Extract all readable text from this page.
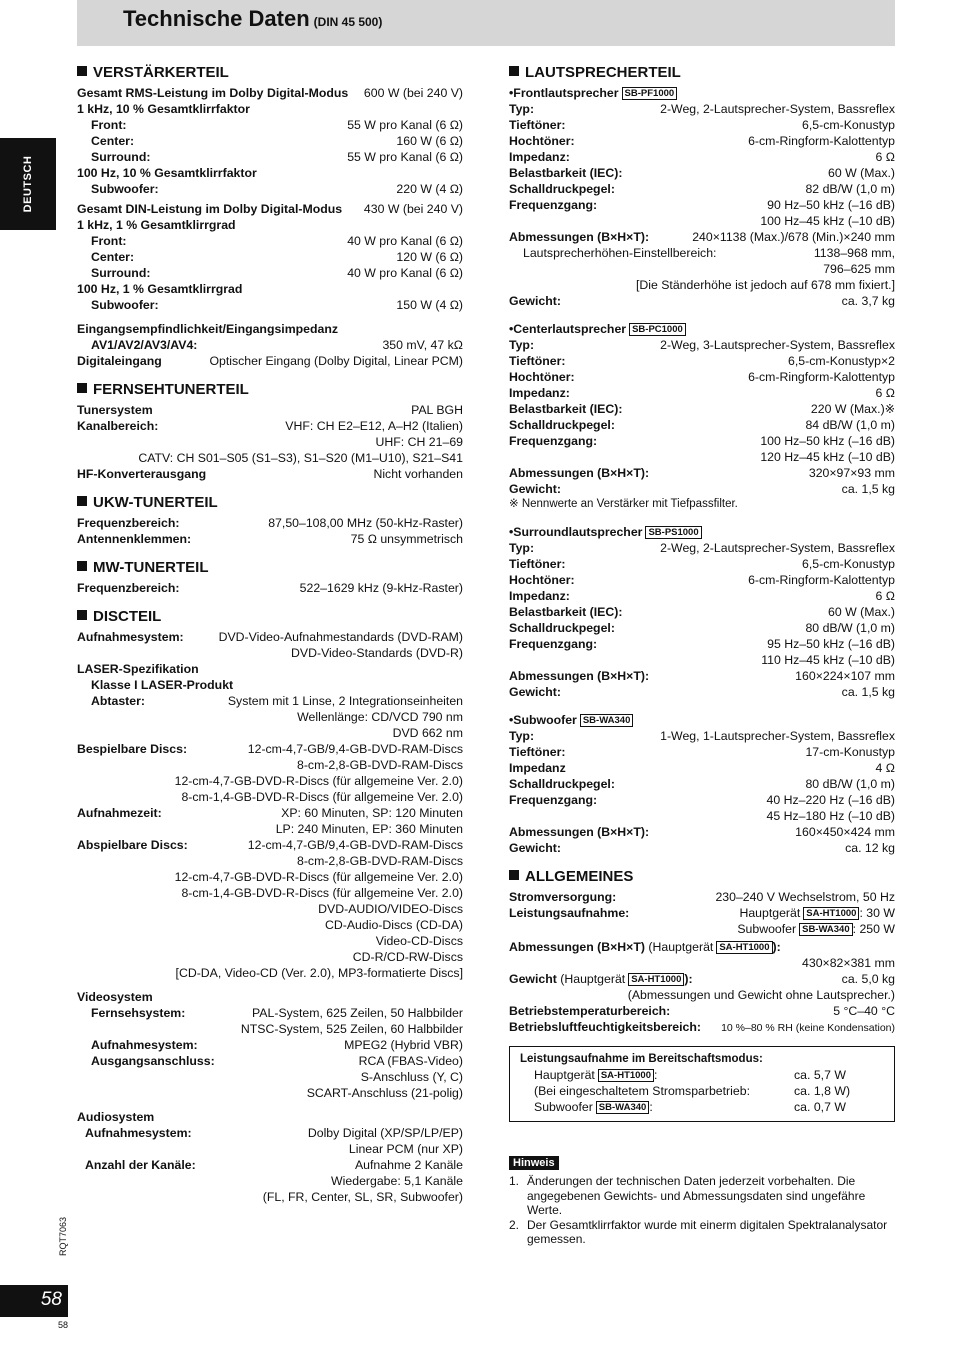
Technische Daten (DIN 45 500)
DEUTSCH
RQT7063
58
58
VERSTÄRKERTEIL
Gesamt RMS-Leistung im Dolby Digital-Modus 600 W (bei 240 V)
1 kHz, 10 % Gesamtklirrfaktor
Front:	55 W pro Kanal (6 Ω)
Center:	160 W (6 Ω)
Surround:	55 W pro Kanal (6 Ω)
100 Hz, 10 % Gesamtklirrfaktor
Subwoofer:	220 W (4 Ω)
Gesamt DIN-Leistung im Dolby Digital-Modus 430 W (bei 240 V)
1 kHz, 1 % Gesamtklirrgrad
Front:	40 W pro Kanal (6 Ω)
Center:	120 W (6 Ω)
Surround:	40 W pro Kanal (6 Ω)
100 Hz, 1 % Gesamtklirrgrad
Subwoofer:	150 W (4 Ω)
Eingangsempfindlichkeit/Eingangsimpedanz
AV1/AV2/AV3/AV4:	350 mV, 47 kΩ
Digitaleingang	Optischer Eingang (Dolby Digital, Linear PCM)
FERNSEHTUNERTEIL
Tunersystem	PAL BGH
Kanalbereich:	VHF: CH E2–E12, A–H2 (Italien)
UHF: CH 21–69
CATV: CH S01–S05 (S1–S3), S1–S20 (M1–U10), S21–S41
HF-Konverterausgang	Nicht vorhanden
UKW-TUNERTEIL
Frequenzbereich:	87,50–108,00 MHz (50-kHz-Raster)
Antennenklemmen:	75 Ω unsymmetrisch
MW-TUNERTEIL
Frequenzbereich:	522–1629 kHz (9-kHz-Raster)
DISCTEIL
Aufnahmesystem:	DVD-Video-Aufnahmestandards (DVD-RAM)
DVD-Video-Standards (DVD-R)
LASER-Spezifikation
Klasse I LASER-Produkt
Abtaster:	System mit 1 Linse, 2 Integrationseinheiten
Wellenlänge: CD/VCD 790 nm
DVD 662 nm
Bespielbare Discs:	12-cm-4,7-GB/9,4-GB-DVD-RAM-Discs
8-cm-2,8-GB-DVD-RAM-Discs
12-cm-4,7-GB-DVD-R-Discs (für allgemeine Ver. 2.0)
8-cm-1,4-GB-DVD-R-Discs (für allgemeine Ver. 2.0)
Aufnahmezeit:	XP: 60 Minuten, SP: 120 Minuten
LP: 240 Minuten, EP: 360 Minuten
Abspielbare Discs:	12-cm-4,7-GB/9,4-GB-DVD-RAM-Discs
8-cm-2,8-GB-DVD-RAM-Discs
12-cm-4,7-GB-DVD-R-Discs (für allgemeine Ver. 2.0)
8-cm-1,4-GB-DVD-R-Discs (für allgemeine Ver. 2.0)
DVD-AUDIO/VIDEO-Discs
CD-Audio-Discs (CD-DA)
Video-CD-Discs
CD-R/CD-RW-Discs
[CD-DA, Video-CD (Ver. 2.0), MP3-formatierte Discs]
Videosystem
Fernsehsystem:	PAL-System, 625 Zeilen, 50 Halbbilder
NTSC-System, 525 Zeilen, 60 Halbbilder
Aufnahmesystem:	MPEG2 (Hybrid VBR)
Ausgangsanschluss:	RCA (FBAS-Video)
S-Anschluss (Y, C)
SCART-Anschluss (21-polig)
Audiosystem
Aufnahmesystem:	Dolby Digital (XP/SP/LP/EP)
Linear PCM (nur XP)
Anzahl der Kanäle:	Aufnahme 2 Kanäle
Wiedergabe: 5,1 Kanäle
(FL, FR, Center, SL, SR, Subwoofer)
LAUTSPRECHERTEIL
•Frontlautsprecher SB-PF1000
Typ:	2-Weg, 2-Lautsprecher-System, Bassreflex
Tieftöner:	6,5-cm-Konustyp
Hochtöner:	6-cm-Ringform-Kalottentyp
Impedanz:	6 Ω
Belastbarkeit (IEC):	60 W (Max.)
Schalldruckpegel:	82 dB/W (1,0 m)
Frequenzgang:	90 Hz–50 kHz (–16 dB)
100 Hz–45 kHz (–10 dB)
Abmessungen (B×H×T):	240×1138 (Max.)/678 (Min.)×240 mm
Lautsprecherhöhen-Einstellbereich:	1138–968 mm,
796–625 mm
[Die Ständerhöhe ist jedoch auf 678 mm fixiert.]
Gewicht:	ca. 3,7 kg
•Centerlautsprecher SB-PC1000
Typ:	2-Weg, 3-Lautsprecher-System, Bassreflex
Tieftöner:	6,5-cm-Konustyp×2
Hochtöner:	6-cm-Ringform-Kalottentyp
Impedanz:	6 Ω
Belastbarkeit (IEC):	220 W (Max.)※
Schalldruckpegel:	84 dB/W (1,0 m)
Frequenzgang:	100 Hz–50 kHz (–16 dB)
120 Hz–45 kHz (–10 dB)
Abmessungen (B×H×T):	320×97×93 mm
Gewicht:	ca. 1,5 kg
※ Nennwerte an Verstärker mit Tiefpassfilter.
•Surroundlautsprecher SB-PS1000
Typ:	2-Weg, 2-Lautsprecher-System, Bassreflex
Tieftöner:	6,5-cm-Konustyp
Hochtöner:	6-cm-Ringform-Kalottentyp
Impedanz:	6 Ω
Belastbarkeit (IEC):	60 W (Max.)
Schalldruckpegel:	80 dB/W (1,0 m)
Frequenzgang:	95 Hz–50 kHz (–16 dB)
110 Hz–45 kHz (–10 dB)
Abmessungen (B×H×T):	160×224×107 mm
Gewicht:	ca. 1,5 kg
•Subwoofer SB-WA340
Typ:	1-Weg, 1-Lautsprecher-System, Bassreflex
Tieftöner:	17-cm-Konustyp
Impedanz	4 Ω
Schalldruckpegel:	80 dB/W (1,0 m)
Frequenzgang:	40 Hz–220 Hz (–16 dB)
45 Hz–180 Hz (–10 dB)
Abmessungen (B×H×T):	160×450×424 mm
Gewicht:	ca. 12 kg
ALLGEMEINES
Stromversorgung:	230–240 V Wechselstrom, 50 Hz
Leistungsaufnahme:	Hauptgerät SA-HT1000 : 30 W
Subwoofer SB-WA340 : 250 W
Abmessungen (B×H×T) (Hauptgerät SA-HT1000 ):
430×82×381 mm
Gewicht (Hauptgerät SA-HT1000 ):	ca. 5,0 kg
(Abmessungen und Gewicht ohne Lautsprecher.)
Betriebstemperaturbereich:	5 °C–40 °C
Betriebsluftfeuchtigkeitsbereich: 10 %–80 % RH (keine Kondensation)
Leistungsaufnahme im Bereitschaftsmodus:
Hauptgerät SA-HT1000 :	ca. 5,7 W
(Bei eingeschaltetem Stromsparbetrieb:	ca. 1,8 W)
Subwoofer SB-WA340 :	ca. 0,7 W
Hinweis
1. Änderungen der technischen Daten jederzeit vorbehalten. Die angegebenen Gewichts- und Abmessungsdaten sind ungefähre Werte.
2. Der Gesamtklirrfaktor wurde mit einerm digitalen Spektralanalysator gemessen.
